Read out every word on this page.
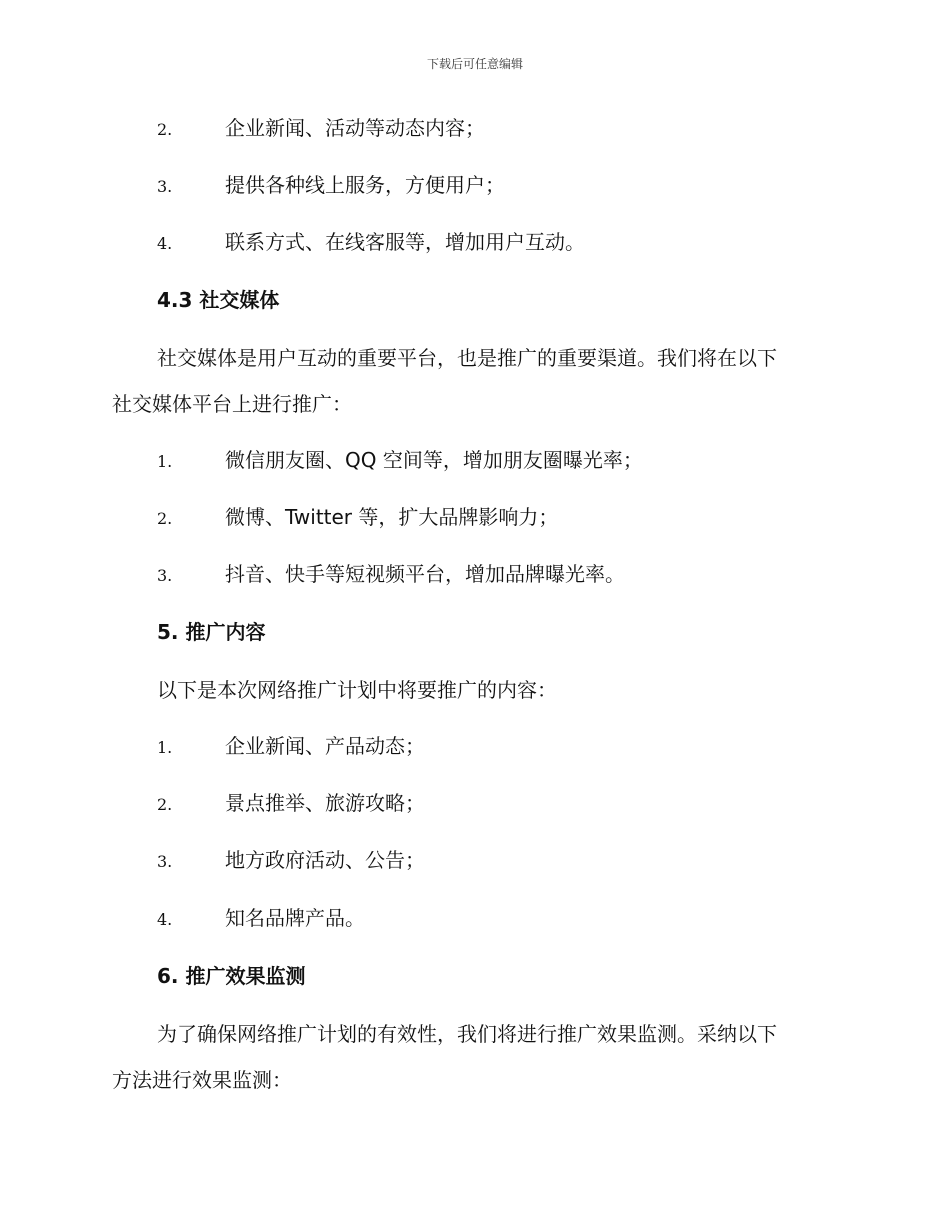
下载后可任意编辑
2.	企业新闻、活动等动态内容；
3.	提供各种线上服务，方便用户；
4.	联系方式、在线客服等，增加用户互动。
4.3 社交媒体
社交媒体是用户互动的重要平台，也是推广的重要渠道。我们将在以下
社交媒体平台上进行推广：
1.	微信朋友圈、QQ 空间等，增加朋友圈曝光率；
2.	微博、Twitter 等，扩大品牌影响力；
3.	抖音、快手等短视频平台，增加品牌曝光率。
5. 推广内容
以下是本次网络推广计划中将要推广的内容：
1.	企业新闻、产品动态；
2.	景点推举、旅游攻略；
3.	地方政府活动、公告；
4.	知名品牌产品。
6. 推广效果监测
为了确保网络推广计划的有效性，我们将进行推广效果监测。采纳以下
方法进行效果监测：
